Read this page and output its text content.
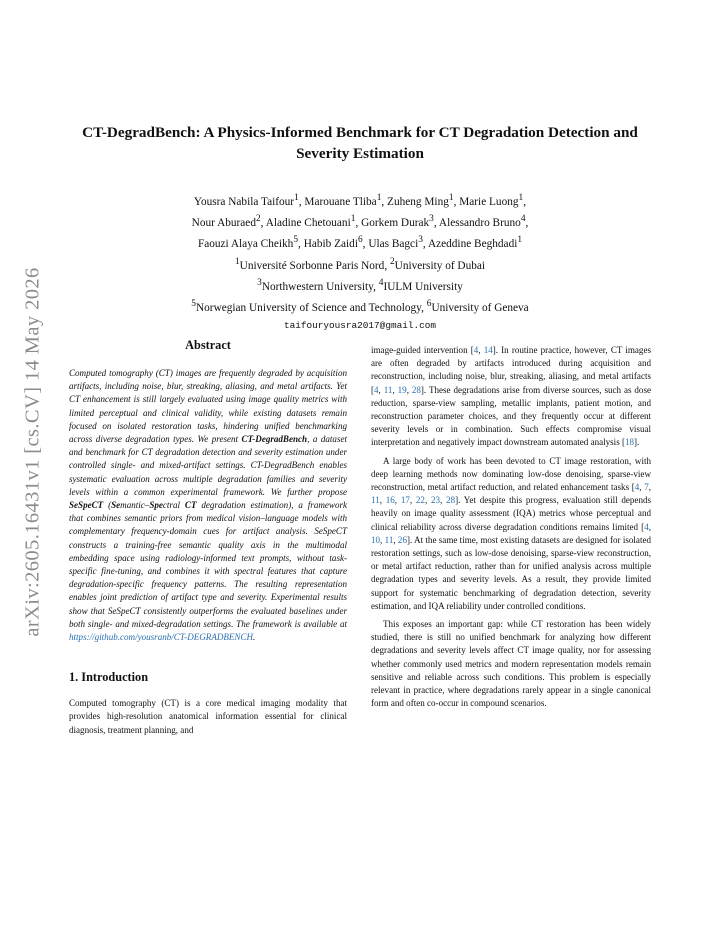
arXiv:2605.16431v1 [cs.CV] 14 May 2026
CT-DegradBench: A Physics-Informed Benchmark for CT Degradation Detection and Severity Estimation
Yousra Nabila Taifour$^1$, Marouane Tliba$^1$, Zuheng Ming$^1$, Marie Luong$^1$,
Nour Aburaed$^2$, Aladine Chetouani$^1$, Gorkem Durak$^3$, Alessandro Bruno$^4$,
Faouzi Alaya Cheikh$^5$, Habib Zaidi$^6$, Ulas Bagci$^3$, Azeddine Beghdadi$^1$
$^1$Université Sorbonne Paris Nord, $^2$University of Dubai
$^3$Northwestern University, $^4$IULM University
$^5$Norwegian University of Science and Technology, $^6$University of Geneva
taifouryousra2017@gmail.com
Abstract

Computed tomography (CT) images are frequently degraded by acquisition artifacts, including noise, blur, streaking, aliasing, and metal artifacts. Yet CT enhancement is still largely evaluated using image quality metrics with limited perceptual and clinical validity, while existing datasets remain focused on isolated restoration tasks, hindering unified benchmarking across diverse degradation types. We present CT-DegradBench, a dataset and benchmark for CT degradation detection and severity estimation under controlled single- and mixed-artifact settings. CT-DegradBench enables systematic evaluation across multiple degradation families and severity levels within a common experimental framework. We further propose SeSpeCT (Semantic–Spectral CT degradation estimation), a framework that combines semantic priors from medical vision–language models with complementary frequency-domain cues for artifact analysis. SeSpeCT constructs a training-free semantic quality axis in the multimodal embedding space using radiology-informed text prompts, without task-specific fine-tuning, and combines it with spectral features that capture degradation-specific frequency patterns. The resulting representation enables joint prediction of artifact type and severity. Experimental results show that SeSpeCT consistently outperforms the evaluated baselines under both single- and mixed-degradation settings. The framework is available at https://github.com/yousranb/CT-DEGRADBENCH.

1. Introduction

Computed tomography (CT) is a core medical imaging modality that provides high-resolution anatomical information essential for clinical diagnosis, treatment planning, and

image-guided intervention [4, 14]. In routine practice, however, CT images are often degraded by artifacts introduced during acquisition and reconstruction, including noise, blur, streaking, aliasing, and metal artifacts [4, 11, 19, 28]. These degradations arise from diverse sources, such as dose reduction, sparse-view sampling, metallic implants, patient motion, and reconstruction parameter choices, and they frequently occur at different severity levels or in combination. Such effects compromise visual interpretation and negatively impact downstream automated analysis [18].

A large body of work has been devoted to CT image restoration, with deep learning methods now dominating low-dose denoising, sparse-view reconstruction, metal artifact reduction, and related enhancement tasks [4, 7, 11, 16, 17, 22, 23, 28]. Yet despite this progress, evaluation still depends heavily on image quality assessment (IQA) metrics whose perceptual and clinical reliability across diverse degradation conditions remains limited [4, 10, 11, 26]. At the same time, most existing datasets are designed for isolated restoration settings, such as low-dose denoising, sparse-view reconstruction, or metal artifact reduction, rather than for unified analysis across multiple degradation types and severity levels. As a result, they provide limited support for systematic benchmarking of degradation detection, severity estimation, and IQA reliability under controlled conditions.

This exposes an important gap: while CT restoration has been widely studied, there is still no unified benchmark for analyzing how different degradations and severity levels affect CT image quality, nor for assessing whether commonly used metrics and modern representation models remain sensitive and reliable across such conditions. This problem is especially relevant in practice, where degradations rarely appear in a single canonical form and often co-occur in compound scenarios.
